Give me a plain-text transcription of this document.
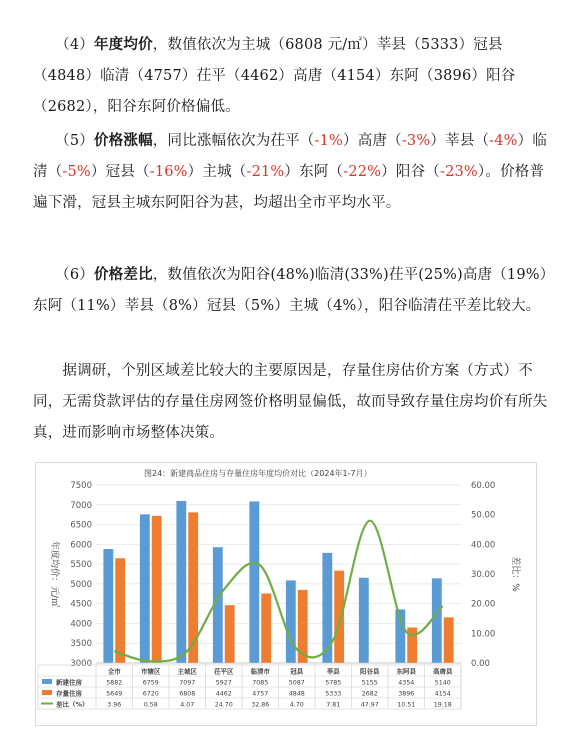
　　（4）年度均价，数值依次为主城（6808 元/㎡）莘县（5333）冠县（4848）临清（4757）茌平（4462）高唐（4154）东阿（3896）阳谷（2682），阳谷东阿价格偏低。
　　（5）价格涨幅，同比涨幅依次为茌平（-1%）高唐（-3%）莘县（-4%）临清（-5%）冠县（-16%）主城（-21%）东阿（-22%）阳谷（-23%）。价格普遍下滑，冠县主城东阿阳谷为甚，均超出全市平均水平。
　　（6）价格差比，数值依次为阳谷(48%)临清(33%)茌平(25%)高唐（19%）东阿（11%）莘县（8%）冠县（5%）主城（4%），阳谷临清茌平差比较大。
　　据调研，个别区域差比较大的主要原因是，存量住房估价方案（方式）不同，无需贷款评估的存量住房网签价格明显偏低，故而导致存量住房均价有所失真，进而影响市场整体决策。
图24：新建商品住房与存量住房年度均价对比（2024年1-7月）
3000
3500
4000
4500
5000
5500
6000
6500
7000
7500
0.00
10.00
20.00
30.00
40.00
50.00
60.00
年度均价：元/㎡	差比：%
全市	市辖区	主城区	茌平区	临清市	冠县	莘县	阳谷县	东阿县	高唐县
新建住房	5882	6759	7097	5927	7085	5087	5785	5155	4354	5140
存量住房	5649	6720	6808	4462	4757	4848	5333	2682	3896	4154
差比（%）	3.96	0.58	4.07	24.70	32.86	4.70	7.81	47.97	10.51	19.18
